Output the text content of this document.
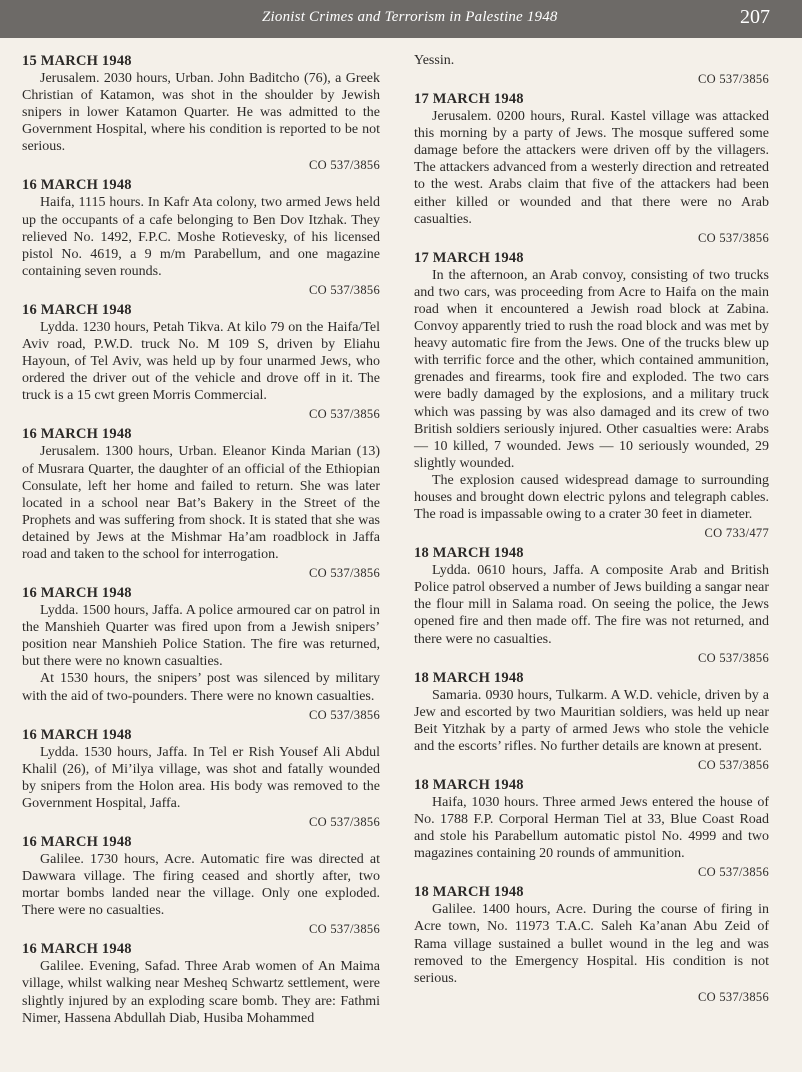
Zionist Crimes and Terrorism in Palestine 1948	207
15 MARCH 1948

Jerusalem. 2030 hours, Urban. John Baditcho (76), a Greek Christian of Katamon, was shot in the shoulder by Jewish snipers in lower Katamon Quarter. He was admitted to the Government Hospital, where his condition is reported to be not serious.

CO 537/3856
16 MARCH 1948

Haifa, 1115 hours. In Kafr Ata colony, two armed Jews held up the occupants of a cafe belonging to Ben Dov Itzhak. They relieved No. 1492, F.P.C. Moshe Rotievesky, of his licensed pistol No. 4619, a 9 m/m Parabellum, and one magazine containing seven rounds.

CO 537/3856
16 MARCH 1948

Lydda. 1230 hours, Petah Tikva. At kilo 79 on the Haifa/Tel Aviv road, P.W.D. truck No. M 109 S, driven by Eliahu Hayoun, of Tel Aviv, was held up by four unarmed Jews, who ordered the driver out of the vehicle and drove off in it. The truck is a 15 cwt green Morris Commercial.

CO 537/3856
16 MARCH 1948

Jerusalem. 1300 hours, Urban. Eleanor Kinda Marian (13) of Musrara Quarter, the daughter of an official of the Ethiopian Consulate, left her home and failed to return. She was later located in a school near Bat’s Bakery in the Street of the Prophets and was suffering from shock. It is stated that she was detained by Jews at the Mishmar Ha’am roadblock in Jaffa road and taken to the school for interrogation.

CO 537/3856
16 MARCH 1948

Lydda. 1500 hours, Jaffa. A police armoured car on patrol in the Manshieh Quarter was fired upon from a Jewish snipers’ position near Manshieh Police Station. The fire was returned, but there were no known casualties.

At 1530 hours, the snipers’ post was silenced by military with the aid of two-pounders. There were no known casualties.

CO 537/3856
16 MARCH 1948

Lydda. 1530 hours, Jaffa. In Tel er Rish Yousef Ali Abdul Khalil (26), of Mi’ilya village, was shot and fatally wounded by snipers from the Holon area. His body was removed to the Government Hospital, Jaffa.

CO 537/3856
16 MARCH 1948

Galilee. 1730 hours, Acre. Automatic fire was directed at Dawwara village. The firing ceased and shortly after, two mortar bombs landed near the village. Only one exploded. There were no casualties.

CO 537/3856
16 MARCH 1948

Galilee. Evening, Safad. Three Arab women of An Maima village, whilst walking near Mesheq Schwartz settlement, were slightly injured by an exploding scare bomb. They are: Fathmi Nimer, Hassena Abdullah Diab, Husiba Mohammed

Yessin.

CO 537/3856
17 MARCH 1948

Jerusalem. 0200 hours, Rural. Kastel village was attacked this morning by a party of Jews. The mosque suffered some damage before the attackers were driven off by the villagers. The attackers advanced from a westerly direction and retreated to the west. Arabs claim that five of the attackers had been either killed or wounded and that there were no Arab casualties.

CO 537/3856
17 MARCH 1948

In the afternoon, an Arab convoy, consisting of two trucks and two cars, was proceeding from Acre to Haifa on the main road when it encountered a Jewish road block at Zabina. Convoy apparently tried to rush the road block and was met by heavy automatic fire from the Jews. One of the trucks blew up with terrific force and the other, which contained ammunition, grenades and firearms, took fire and exploded. The two cars were badly damaged by the explosions, and a military truck which was passing by was also damaged and its crew of two British soldiers seriously injured. Other casualties were: Arabs — 10 killed, 7 wounded. Jews — 10 seriously wounded, 29 slightly wounded.

The explosion caused widespread damage to surrounding houses and brought down electric pylons and telegraph cables. The road is impassable owing to a crater 30 feet in diameter.

CO 733/477
18 MARCH 1948

Lydda. 0610 hours, Jaffa. A composite Arab and British Police patrol observed a number of Jews building a sangar near the flour mill in Salama road. On seeing the police, the Jews opened fire and then made off. The fire was not returned, and there were no casualties.

CO 537/3856
18 MARCH 1948

Samaria. 0930 hours, Tulkarm. A W.D. vehicle, driven by a Jew and escorted by two Mauritian soldiers, was held up near Beit Yitzhak by a party of armed Jews who stole the vehicle and the escorts’ rifles. No further details are known at present.

CO 537/3856
18 MARCH 1948

Haifa, 1030 hours. Three armed Jews entered the house of No. 1788 F.P. Corporal Herman Tiel at 33, Blue Coast Road and stole his Parabellum automatic pistol No. 4999 and two magazines containing 20 rounds of ammunition.

CO 537/3856
18 MARCH 1948

Galilee. 1400 hours, Acre. During the course of firing in Acre town, No. 11973 T.A.C. Saleh Ka’anan Abu Zeid of Rama village sustained a bullet wound in the leg and was removed to the Emergency Hospital. His condition is not serious.

CO 537/3856
